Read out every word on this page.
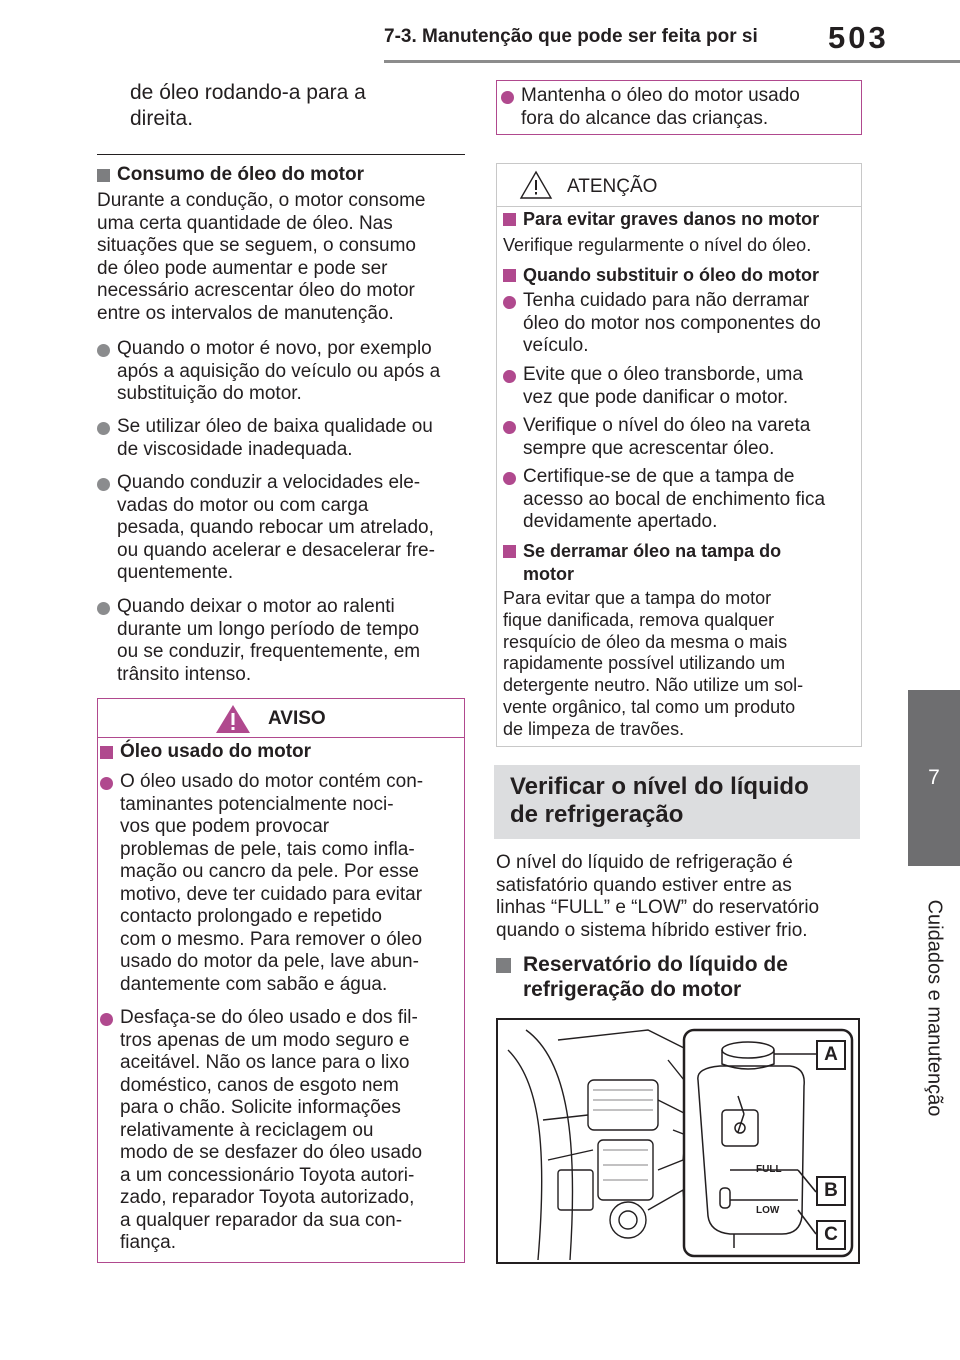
7-3. Manutenção que pode ser feita por si 503
7
Cuidados e manutenção
de óleo rodando-a para a
direita.
Consumo de óleo do motor
Durante a condução, o motor consome
uma certa quantidade de óleo. Nas
situações que se seguem, o consumo
de óleo pode aumentar e pode ser
necessário acrescentar óleo do motor
entre os intervalos de manutenção.
Quando o motor é novo, por exemplo
após a aquisição do veículo ou após a
substituição do motor.
Se utilizar óleo de baixa qualidade ou
de viscosidade inadequada.
Quando conduzir a velocidades ele-
vadas do motor ou com carga
pesada, quando rebocar um atrelado,
ou quando acelerar e desacelerar fre-
quentemente.
Quando deixar o motor ao ralenti
durante um longo período de tempo
ou se conduzir, frequentemente, em
trânsito intenso.
AVISO
Óleo usado do motor
O óleo usado do motor contém con-
taminantes potencialmente noci-
vos que podem provocar
problemas de pele, tais como infla-
mação ou cancro da pele. Por esse
motivo, deve ter cuidado para evitar
contacto prolongado e repetido
com o mesmo. Para remover o óleo
usado do motor da pele, lave abun-
dantemente com sabão e água.
Desfaça-se do óleo usado e dos fil-
tros apenas de um modo seguro e
aceitável. Não os lance para o lixo
doméstico, canos de esgoto nem
para o chão. Solicite informações
relativamente à reciclagem ou
modo de se desfazer do óleo usado
a um concessionário Toyota autori-
zado, reparador Toyota autorizado,
a qualquer reparador da sua con-
fiança.
Mantenha o óleo do motor usado
fora do alcance das crianças.
ATENÇÃO
Para evitar graves danos no motor
Verifique regularmente o nível do óleo.
Quando substituir o óleo do motor
Tenha cuidado para não derramar
óleo do motor nos componentes do
veículo.
Evite que o óleo transborde, uma
vez que pode danificar o motor.
Verifique o nível do óleo na vareta
sempre que acrescentar óleo.
Certifique-se de que a tampa de
acesso ao bocal de enchimento fica
devidamente apertado.
Se derramar óleo na tampa do
motor
Para evitar que a tampa do motor
fique danificada, remova qualquer
resquício de óleo da mesma o mais
rapidamente possível utilizando um
detergente neutro. Não utilize um sol-
vente orgânico, tal como um produto
de limpeza de travões.
Verificar o nível do líquido
de refrigeração
O nível do líquido de refrigeração é
satisfatório quando estiver entre as
linhas “FULL” e “LOW” do reservatório
quando o sistema híbrido estiver frio.
Reservatório do líquido de
refrigeração do motor
FULL
LOW
A
B
C
